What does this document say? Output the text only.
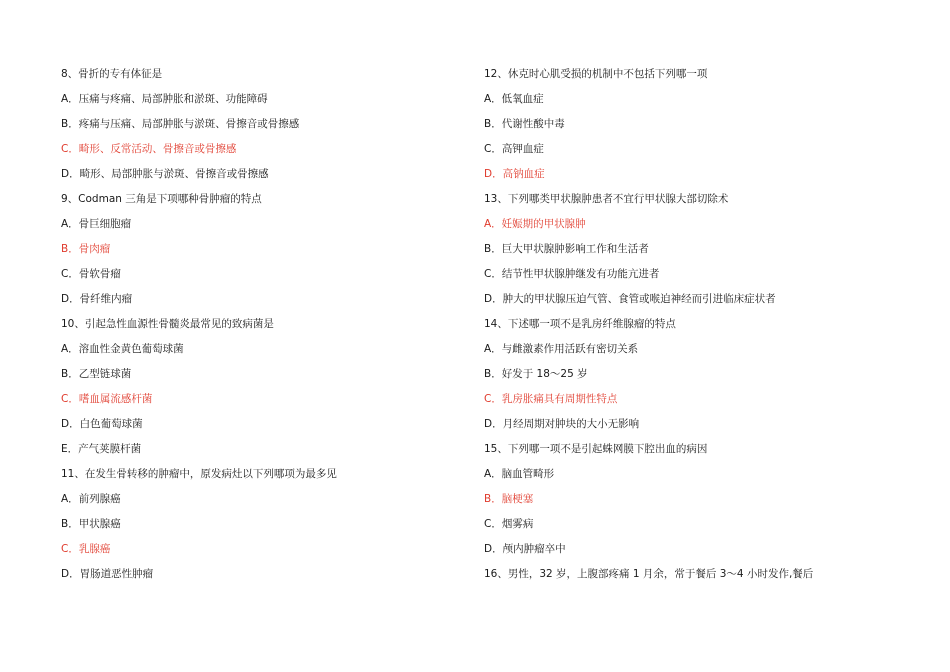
8、骨折的专有体征是
A．压痛与疼痛、局部肿胀和淤斑、功能障碍
B．疼痛与压痛、局部肿胀与淤斑、骨擦音或骨擦感
C．畸形、反常活动、骨擦音或骨擦感
D．畸形、局部肿胀与淤斑、骨擦音或骨擦感
9、Codman 三角是下项哪种骨肿瘤的特点
A．骨巨细胞瘤
B．骨肉瘤
C．骨软骨瘤
D．骨纤维内瘤
10、引起急性血源性骨髓炎最常见的致病菌是
A．溶血性金黄色葡萄球菌
B．乙型链球菌
C．嗜血属流感杆菌
D．白色葡萄球菌
E．产气荚膜杆菌
11、在发生骨转移的肿瘤中，原发病灶以下列哪项为最多见
A．前列腺癌
B．甲状腺癌
C．乳腺癌
D．胃肠道恶性肿瘤
12、休克时心肌受损的机制中不包括下列哪一项
A．低氧血症
B．代谢性酸中毒
C．高钾血症
D．高钠血症
13、下列哪类甲状腺肿患者不宜行甲状腺大部切除术
A．妊娠期的甲状腺肿
B．巨大甲状腺肿影响工作和生活者
C．结节性甲状腺肿继发有功能亢进者
D．肿大的甲状腺压迫气管、食管或喉迫神经而引进临床症状者
14、下述哪一项不是乳房纤维腺瘤的特点
A．与雌激素作用活跃有密切关系
B．好发于 18～25 岁
C．乳房胀痛具有周期性特点
D．月经周期对肿块的大小无影响
15、下列哪一项不是引起蛛网膜下腔出血的病因
A．脑血管畸形
B．脑梗塞
C．烟雾病
D．颅内肿瘤卒中
16、男性，32 岁，上腹部疼痛 1 月余，常于餐后 3～4 小时发作,餐后
